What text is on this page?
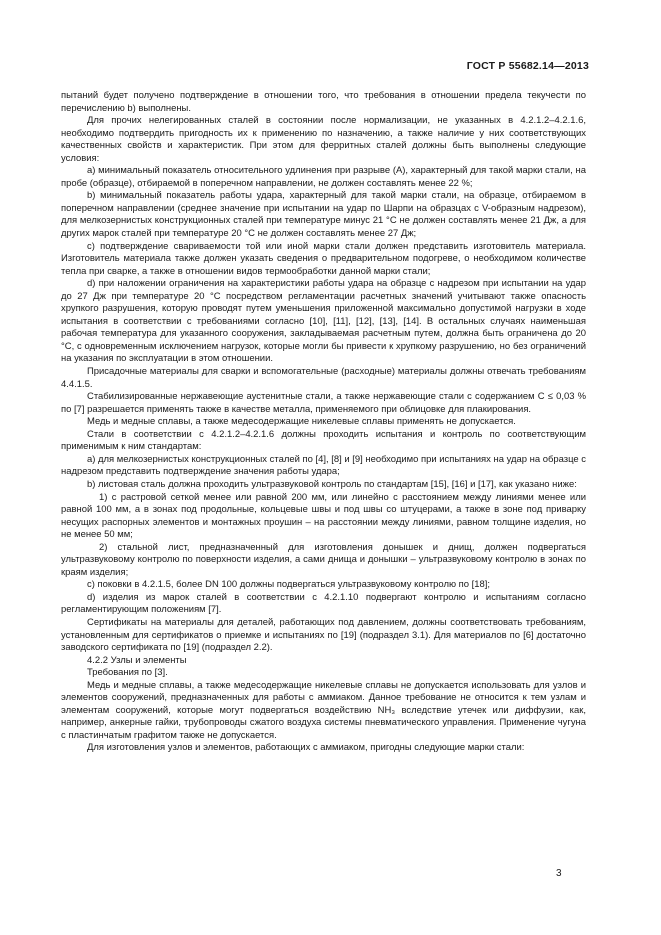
ГОСТ Р 55682.14—2013

пытаний будет получено подтверждение в отношении того, что требования в отношении предела текучести по перечислению b) выполнены.

Для прочих нелегированных сталей в состоянии после нормализации, не указанных в 4.2.1.2–4.2.1.6, необходимо подтвердить пригодность их к применению по назначению, а также наличие у них соответствующих качественных свойств и характеристик. При этом для ферритных сталей должны быть выполнены следующие условия:

a) минимальный показатель относительного удлинения при разрыве (A), характерный для такой марки стали, на пробе (образце), отбираемой в поперечном направлении, не должен составлять менее 22 %;

b) минимальный показатель работы удара, характерный для такой марки стали, на образце, отбираемом в поперечном направлении (среднее значение при испытании на удар по Шарпи на образцах с V-образным надрезом), для мелкозернистых конструкционных сталей при температуре минус 21 °С не должен составлять менее 21 Дж, а для других марок сталей при температуре 20 °С не должен составлять менее 27 Дж;

c) подтверждение свариваемости той или иной марки стали должен представить изготовитель материала. Изготовитель материала также должен указать сведения о предварительном подогреве, о необходимом количестве тепла при сварке, а также в отношении видов термообработки данной марки стали;

d) при наложении ограничения на характеристики работы удара на образце с надрезом при испытании на удар до 27 Дж при температуре 20 °С посредством регламентации расчетных значений учитывают также опасность хрупкого разрушения, которую проводят путем уменьшения приложенной максимально допустимой нагрузки в ходе испытания в соответствии с требованиями согласно [10], [11], [12], [13], [14]. В остальных случаях наименьшая рабочая температура для указанного сооружения, закладываемая расчетным путем, должна быть ограничена до 20 °С, с одновременным исключением нагрузок, которые могли бы привести к хрупкому разрушению, но без ограничений на указания по эксплуатации в этом отношении.

Присадочные материалы для сварки и вспомогательные (расходные) материалы должны отвечать требованиям 4.4.1.5.

Стабилизированные нержавеющие аустенитные стали, а также нержавеющие стали с содержанием С ≤ 0,03 % по [7] разрешается применять также в качестве металла, применяемого при облицовке для плакирования.

Медь и медные сплавы, а также медесодержащие никелевые сплавы применять не допускается.

Стали в соответствии с 4.2.1.2–4.2.1.6 должны проходить испытания и контроль по соответствующим применимым к ним стандартам:

a) для мелкозернистых конструкционных сталей по [4], [8] и [9] необходимо при испытаниях на удар на образце с надрезом представить подтверждение значения работы удара;

b) листовая сталь должна проходить ультразвуковой контроль по стандартам [15], [16] и [17], как указано ниже:

1) с растровой сеткой менее или равной 200 мм, или линейно с расстоянием между линиями менее или равной 100 мм, а в зонах под продольные, кольцевые швы и под швы со штуцерами, а также в зоне под приварку несущих распорных элементов и монтажных проушин – на расстоянии между линиями, равном толщине изделия, но не менее 50 мм;

2) стальной лист, предназначенный для изготовления донышек и днищ, должен подвергаться ультразвуковому контролю по поверхности изделия, а сами днища и донышки – ультразвуковому контролю в зонах по краям изделия;

c) поковки в 4.2.1.5, более DN 100 должны подвергаться ультразвуковому контролю по [18];

d) изделия из марок сталей в соответствии с 4.2.1.10 подвергают контролю и испытаниям согласно регламентирующим положениям [7].

Сертификаты на материалы для деталей, работающих под давлением, должны соответствовать требованиям, установленным для сертификатов о приемке и испытаниях по [19] (подраздел 3.1). Для материалов по [6] достаточно заводского сертификата по [19] (подраздел 2.2).

4.2.2 Узлы и элементы

Требования по [3].

Медь и медные сплавы, а также медесодержащие никелевые сплавы не допускается использовать для узлов и элементов сооружений, предназначенных для работы с аммиаком. Данное требование не относится к тем узлам и элементам сооружений, которые могут подвергаться воздействию NH₃ вследствие утечек или диффузии, как, например, анкерные гайки, трубопроводы сжатого воздуха системы пневматического управления. Применение чугуна с пластинчатым графитом также не допускается.

Для изготовления узлов и элементов, работающих с аммиаком, пригодны следующие марки стали:

3
